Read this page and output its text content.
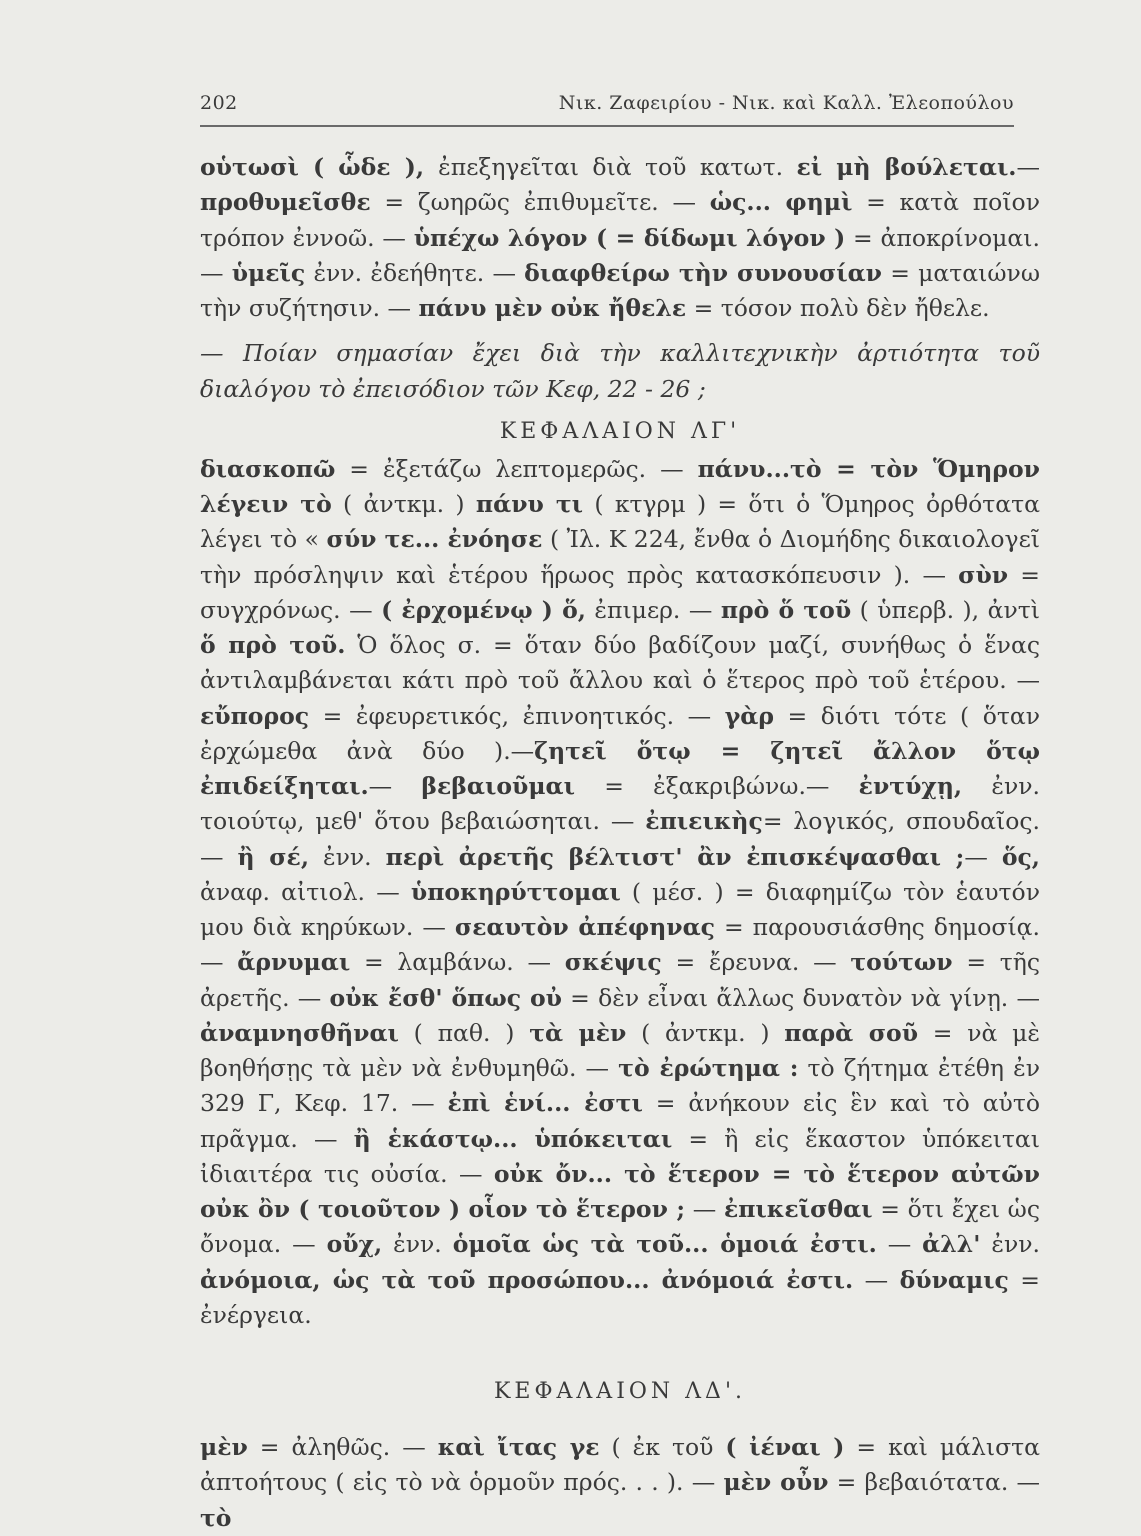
202	Νικ. Ζαφειρίου - Νικ. καὶ Καλλ. Ἐλεοπούλου

οὑτωσὶ ( ὧδε ), ἐπεξηγεῖται διὰ τοῦ κατωτ. εἰ μὴ βούλεται.— προθυμεῖσθε = ζωηρῶς ἐπιθυμεῖτε. — ὡς... φημὶ = κατὰ ποῖον τρόπον ἐννοῶ. — ὑπέχω λόγον ( = δίδωμι λόγον ) = ἀποκρίνομαι. — ὑμεῖς ἐνν. ἐδεήθητε. — διαφθείρω τὴν συνουσίαν = ματαιώνω τὴν συζήτησιν. — πάνυ μὲν οὐκ ἤθελε = τόσον πολὺ δὲν ἤθελε.

— Ποίαν σημασίαν ἔχει διὰ τὴν καλλιτεχνικὴν ἀρτιότητα τοῦ διαλόγου τὸ ἐπεισόδιον τῶν Κεφ, 22 - 26 ;

ΚΕΦΑΛΑΙΟΝ ΛΓ'

διασκοπῶ = ἐξετάζω λεπτομερῶς. — πάνυ...τὸ = τὸν Ὅμηρον λέγειν τὸ ( ἀντκμ. ) πάνυ τι ( κτγρμ ) = ὅτι ὁ Ὅμηρος ὀρθότατα λέγει τὸ « σύν τε... ἐνόησε ( Ἰλ. Κ 224, ἔνθα ὁ Διομήδης δικαιολογεῖ τὴν πρόσληψιν καὶ ἑτέρου ἥρωος πρὸς κατασκόπευσιν ). — σὺν = συγχρόνως. — ( ἐρχομένῳ ) ὅ, ἐπιμερ. — πρὸ ὅ τοῦ ( ὑπερβ. ), ἀντὶ ὅ πρὸ τοῦ. Ὁ ὅλος σ. = ὅταν δύο βαδίζουν μαζί, συνήθως ὁ ἕνας ἀντιλαμβάνεται κάτι πρὸ τοῦ ἄλλου καὶ ὁ ἕτερος πρὸ τοῦ ἑτέρου. — εὔπορος = ἐφευρετικός, ἐπινοητικός. — γὰρ = διότι τότε ( ὅταν ἐρχώμεθα ἀνὰ δύο ).—ζητεῖ ὅτῳ = ζητεῖ ἄλλον ὅτῳ ἐπιδείξηται.— βεβαιοῦμαι = ἐξακριβώνω.— ἐντύχῃ, ἐνν. τοιούτῳ, μεθ' ὅτου βεβαιώσηται. — ἐπιεικὴς= λογικός, σπουδαῖος. — ἢ σέ, ἐνν. περὶ ἀρετῆς βέλτιστ' ἂν ἐπισκέψασθαι ;— ὅς, ἀναφ. αἰτιολ. — ὑποκηρύττομαι ( μέσ. ) = διαφημίζω τὸν ἑαυτόν μου διὰ κηρύκων. — σεαυτὸν ἀπέφηνας = παρουσιάσθης δημοσίᾳ. — ἄρνυμαι = λαμβάνω. — σκέψις = ἔρευνα. — τούτων = τῆς ἀρετῆς. — οὐκ ἔσθ' ὅπως οὐ = δὲν εἶναι ἄλλως δυνατὸν νὰ γίνῃ. — ἀναμνησθῆναι ( παθ. ) τὰ μὲν ( ἀντκμ. ) παρὰ σοῦ = νὰ μὲ βοηθήσῃς τὰ μὲν νὰ ἐνθυμηθῶ. — τὸ ἐρώτημα : τὸ ζήτημα ἐτέθη ἐν 329 Γ, Κεφ. 17. — ἐπὶ ἑνί... ἐστι = ἀνήκουν εἰς ἓν καὶ τὸ αὐτὸ πρᾶγμα. — ἢ ἑκάστῳ... ὑπόκειται = ἢ εἰς ἕκαστον ὑπόκειται ἰδιαιτέρα τις οὐσία. — οὐκ ὄν... τὸ ἕτερον = τὸ ἕτερον αὐτῶν οὐκ ὂν ( τοιοῦτον ) οἷον τὸ ἕτερον ; — ἐπικεῖσθαι = ὅτι ἔχει ὡς ὄνομα. — οὔχ, ἐνν. ὁμοῖα ὡς τὰ τοῦ... ὁμοιά ἐστι. — ἀλλ' ἐνν. ἀνόμοια, ὡς τὰ τοῦ προσώπου... ἀνόμοιά ἐστι. — δύναμις = ἐνέργεια.

ΚΕΦΑΛΑΙΟΝ ΛΔ'.

μὲν = ἀληθῶς. — καὶ ἴτας γε ( ἐκ τοῦ ( ἰέναι ) = καὶ μάλιστα ἀπτοήτους ( εἰς τὸ νὰ ὁρμοῦν πρός. . . ). — μὲν οὖν = βεβαιότατα. — τὸ
